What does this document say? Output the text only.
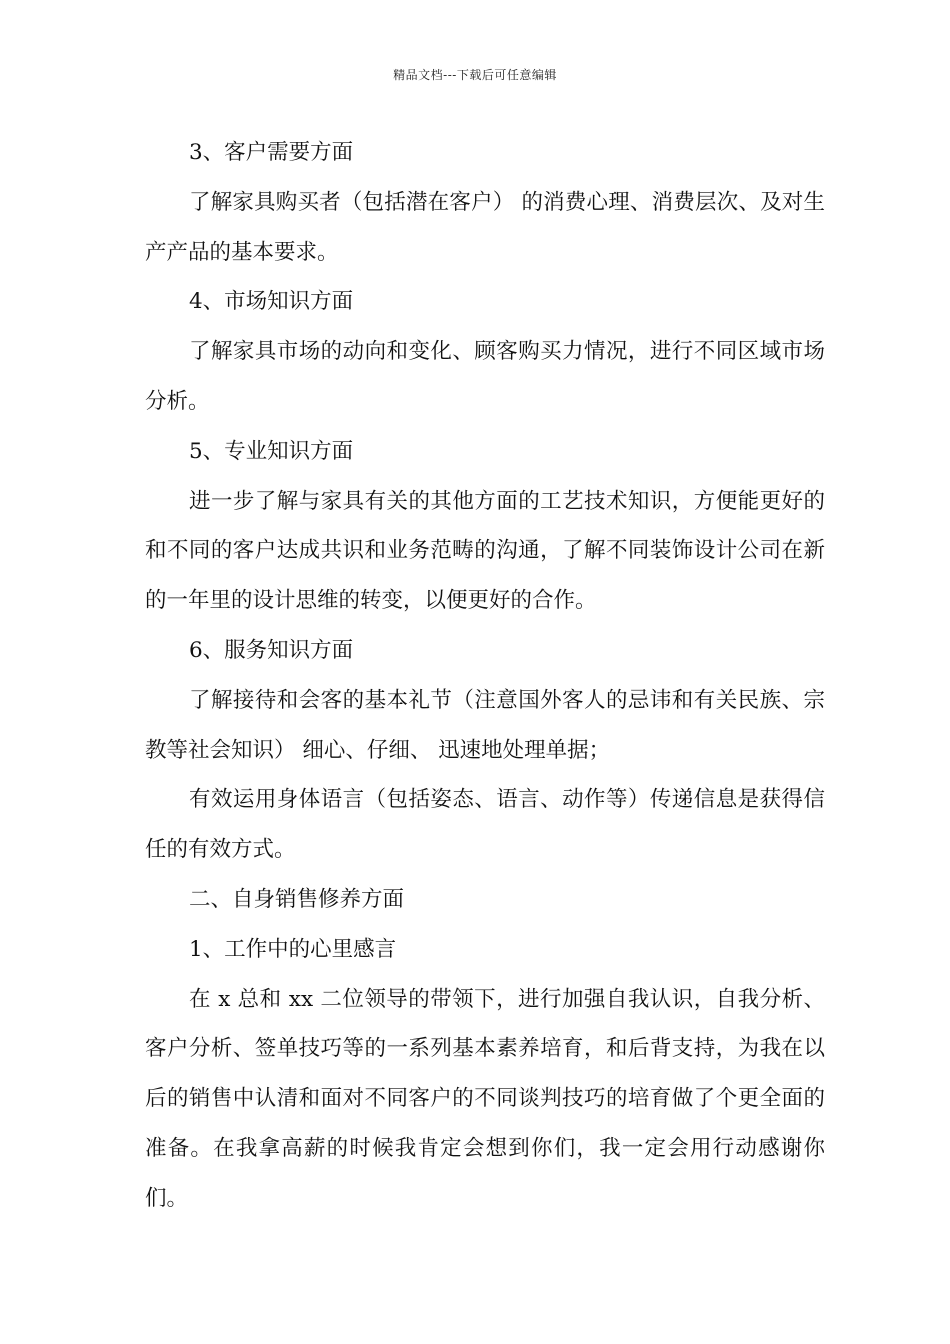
精品文档---下载后可任意编辑

3、客户需要方面

了解家具购买者（包括潜在客户） 的消费心理、消费层次、及对生产产品的基本要求。

4、市场知识方面

了解家具市场的动向和变化、顾客购买力情况，进行不同区域市场分析。

5、专业知识方面

进一步了解与家具有关的其他方面的工艺技术知识，方便能更好的和不同的客户达成共识和业务范畴的沟通，了解不同装饰设计公司在新的一年里的设计思维的转变，以便更好的合作。

6、服务知识方面

了解接待和会客的基本礼节（注意国外客人的忌讳和有关民族、宗教等社会知识） 细心、仔细、 迅速地处理单据；

有效运用身体语言（包括姿态、语言、动作等）传递信息是获得信任的有效方式。

二、自身销售修养方面

1、工作中的心里感言

在 x 总和 xx 二位领导的带领下，进行加强自我认识，自我分析、客户分析、签单技巧等的一系列基本素养培育，和后背支持，为我在以后的销售中认清和面对不同客户的不同谈判技巧的培育做了个更全面的准备。在我拿高薪的时候我肯定会想到你们，我一定会用行动感谢你们。
